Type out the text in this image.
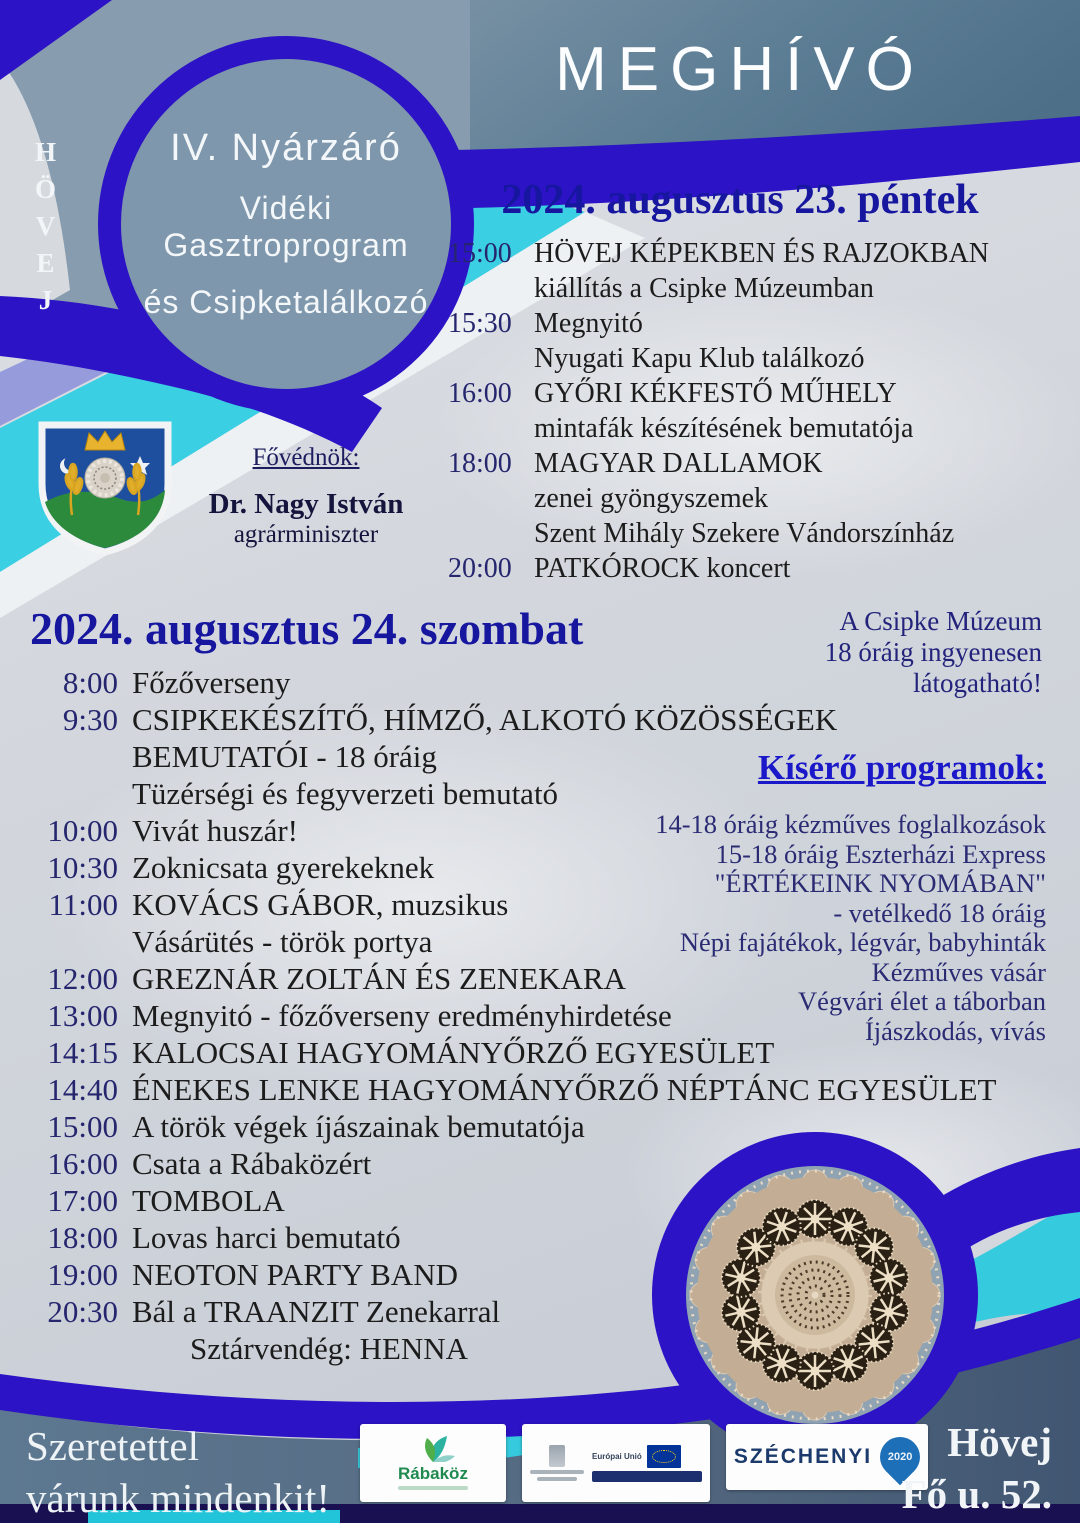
H
Ö
V
E
J
IV. Nyárzáró
Vidéki Gasztroprogram
és Csipketalálkozó
MEGHÍVÓ
2024. augusztus 23. péntek
15:00 HÖVEJ KÉPEKBEN ÉS RAJZOKBAN
kiállítás a Csipke Múzeumban
15:30 Megnyitó
Nyugati Kapu Klub találkozó
16:00 GYŐRI KÉKFESTŐ MŰHELY
mintafák készítésének bemutatója
18:00 MAGYAR DALLAMOK
zenei gyöngyszemek
Szent Mihály Szekere Vándorszínház
20:00 PATKÓROCK koncert
Fővédnök:
Dr. Nagy István
agrárminiszter
2024. augusztus 24. szombat
8:00 Főzőverseny
9:30 CSIPKEKÉSZÍTŐ, HÍMZŐ, ALKOTÓ KÖZÖSSÉGEK
BEMUTATÓI - 18 óráig
Tüzérségi és fegyverzeti bemutató
10:00 Vivát huszár!
10:30 Zoknicsata gyerekeknek
11:00 KOVÁCS GÁBOR, muzsikus
Vásárütés - török portya
12:00 GREZNÁR ZOLTÁN ÉS ZENEKARA
13:00 Megnyitó - főzőverseny eredményhirdetése
14:15 KALOCSAI HAGYOMÁNYŐRZŐ EGYESÜLET
14:40 ÉNEKES LENKE HAGYOMÁNYŐRZŐ NÉPTÁNC EGYESÜLET
15:00 A török végek íjászainak bemutatója
16:00 Csata a Rábaközért
17:00 TOMBOLA
18:00 Lovas harci bemutató
19:00 NEOTON PARTY BAND
20:30 Bál a TRAANZIT Zenekarral
Sztárvendég: HENNA
A Csipke Múzeum
18 óráig ingyenesen
látogatható!
Kísérő programok:
14-18 óráig kézműves foglalkozások
15-18 óráig Eszterházi Express
"ÉRTÉKEINK NYOMÁBAN"
- vetélkedő 18 óráig
Népi fajátékok, légvár, babyhinták
Kézműves vásár
Végvári élet a táborban
Íjászkodás, vívás
Szeretettel
várunk mindenkit!
Rábaköz
Európai Unió	SZÉCHENYI 2020 Hövej
Fő u. 52.
